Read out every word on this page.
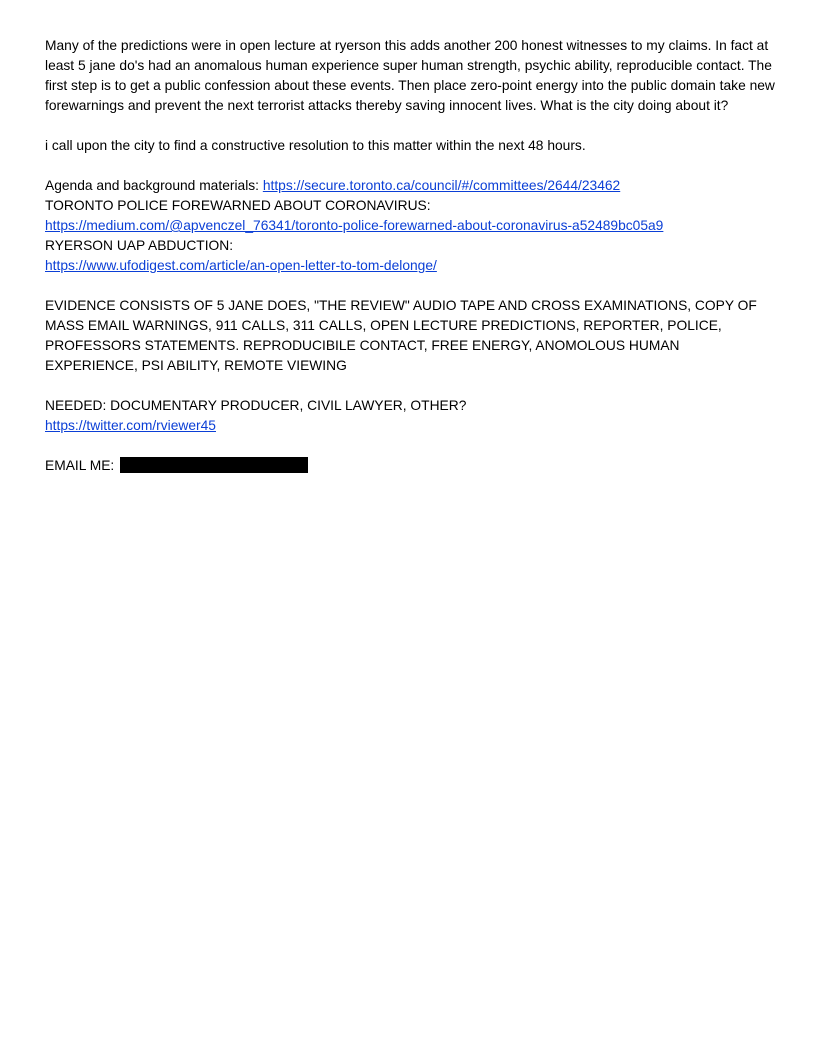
Many of the predictions were in open lecture at ryerson this adds another 200 honest witnesses to my claims. In fact at least 5 jane do's had an anomalous human experience super human strength, psychic ability, reproducible contact. The first step is to get a public confession about these events. Then place zero-point energy into the public domain take new forewarnings and prevent the next terrorist attacks thereby saving innocent lives. What is the city doing about it?

i call upon the city to find a constructive resolution to this matter within the next 48 hours.

Agenda and background materials: https://secure.toronto.ca/council/#/committees/2644/23462
TORONTO POLICE FOREWARNED ABOUT CORONAVIRUS:
https://medium.com/@apvenczel_76341/toronto-police-forewarned-about-coronavirus-a52489bc05a9
RYERSON UAP ABDUCTION:
https://www.ufodigest.com/article/an-open-letter-to-tom-delonge/

EVIDENCE CONSISTS OF 5 JANE DOES, "THE REVIEW" AUDIO TAPE AND CROSS EXAMINATIONS, COPY OF MASS EMAIL WARNINGS, 911 CALLS, 311 CALLS, OPEN LECTURE PREDICTIONS, REPORTER, POLICE, PROFESSORS STATEMENTS. REPRODUCIBILE CONTACT, FREE ENERGY, ANOMOLOUS HUMAN EXPERIENCE, PSI ABILITY, REMOTE VIEWING

NEEDED: DOCUMENTARY PRODUCER, CIVIL LAWYER, OTHER?
https://twitter.com/rviewer45
EMAIL ME:
